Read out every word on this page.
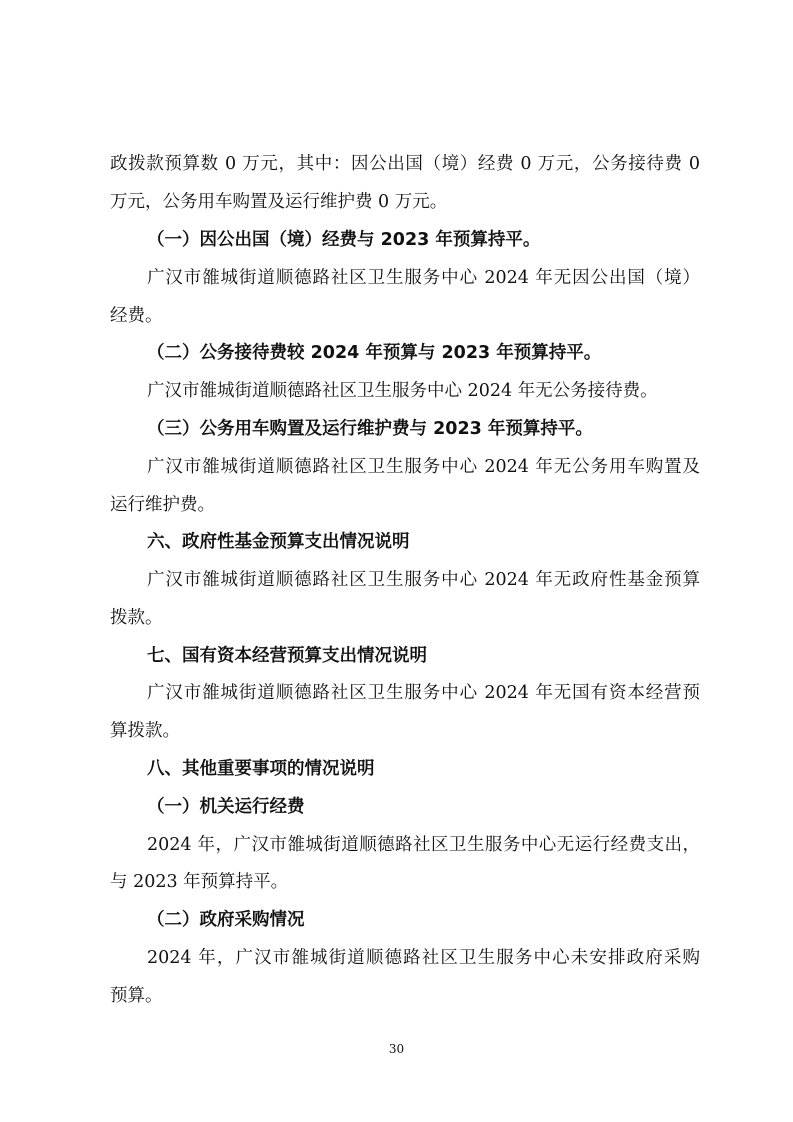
政拨款预算数 0 万元，其中：因公出国（境）经费 0 万元，公务接待费 0
万元，公务用车购置及运行维护费 0 万元。
（一）因公出国（境）经费与 2023 年预算持平。
广汉市雒城街道顺德路社区卫生服务中心 2024 年无因公出国（境）
经费。
（二）公务接待费较 2024 年预算与 2023 年预算持平。
广汉市雒城街道顺德路社区卫生服务中心 2024 年无公务接待费。
（三）公务用车购置及运行维护费与 2023 年预算持平。
广汉市雒城街道顺德路社区卫生服务中心 2024 年无公务用车购置及
运行维护费。
六、政府性基金预算支出情况说明
广汉市雒城街道顺德路社区卫生服务中心 2024 年无政府性基金预算
拨款。
七、国有资本经营预算支出情况说明
广汉市雒城街道顺德路社区卫生服务中心 2024 年无国有资本经营预
算拨款。
八、其他重要事项的情况说明
（一）机关运行经费
2024 年，广汉市雒城街道顺德路社区卫生服务中心无运行经费支出，
与 2023 年预算持平。
（二）政府采购情况
2024 年，广汉市雒城街道顺德路社区卫生服务中心未安排政府采购
预算。
30
